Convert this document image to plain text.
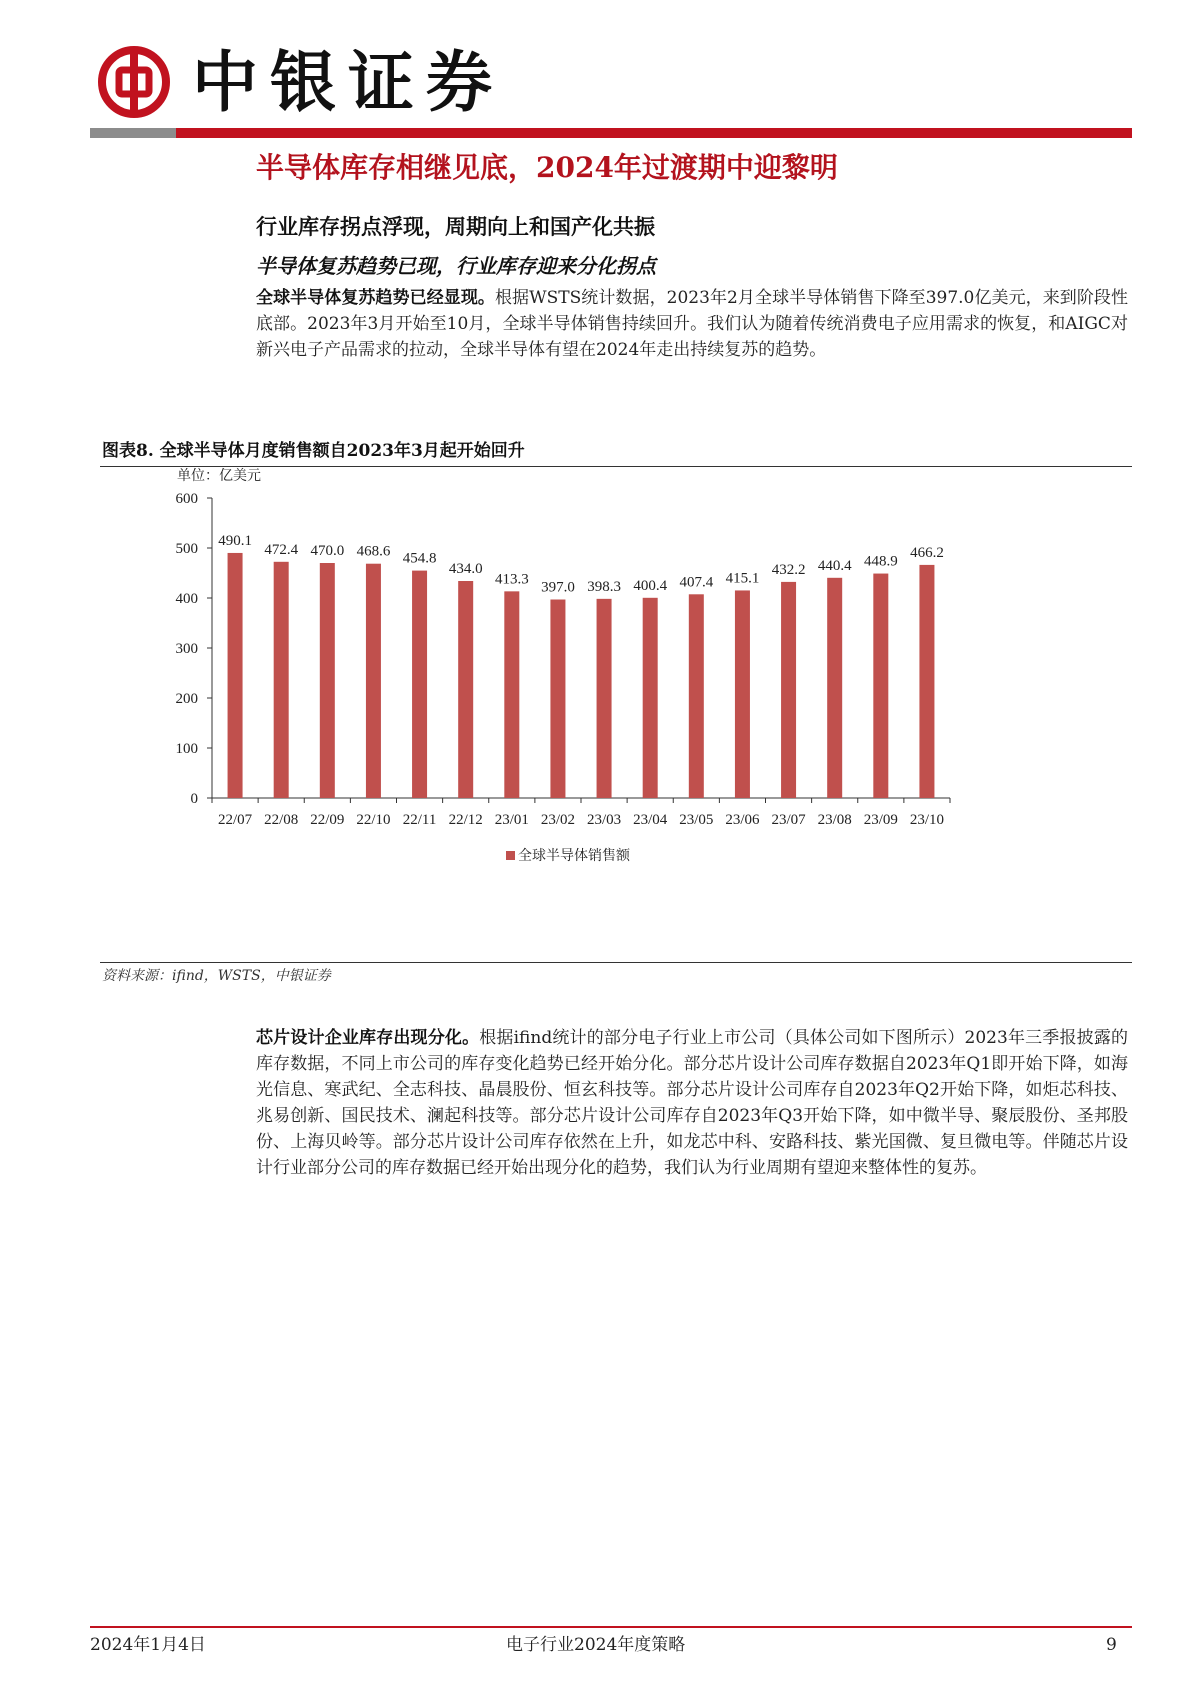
中银证券
半导体库存相继见底，2024年过渡期中迎黎明
行业库存拐点浮现，周期向上和国产化共振
半导体复苏趋势已现，行业库存迎来分化拐点
全球半导体复苏趋势已经显现。根据WSTS统计数据，2023年2月全球半导体销售下降至397.0亿美元，来到阶段性底部。2023年3月开始至10月，全球半导体销售持续回升。我们认为随着传统消费电子应用需求的恢复，和AIGC对新兴电子产品需求的拉动，全球半导体有望在2024年走出持续复苏的趋势。
图表8. 全球半导体月度销售额自2023年3月起开始回升
单位：亿美元
0
100
200
300
400
500
600
22/07 22/08 22/09 22/10 22/11 22/12 23/01 23/02 23/03 23/04 23/05 23/06 23/07 23/08 23/09 23/10
490.1
472.4 470.0 468.6 454.8
434.0
413.3
397.0 398.3 400.4 407.4 415.1
432.2 440.4 448.9
466.2
全球半导体销售额
资料来源：ifind，WSTS，中银证券
芯片设计企业库存出现分化。根据ifind统计的部分电子行业上市公司（具体公司如下图所示）2023年三季报披露的库存数据，不同上市公司的库存变化趋势已经开始分化。部分芯片设计公司库存数据自2023年Q1即开始下降，如海光信息、寒武纪、全志科技、晶晨股份、恒玄科技等。部分芯片设计公司库存自2023年Q2开始下降，如炬芯科技、兆易创新、国民技术、澜起科技等。部分芯片设计公司库存自2023年Q3开始下降，如中微半导、聚辰股份、圣邦股份、上海贝岭等。部分芯片设计公司库存依然在上升，如龙芯中科、安路科技、紫光国微、复旦微电等。伴随芯片设计行业部分公司的库存数据已经开始出现分化的趋势，我们认为行业周期有望迎来整体性的复苏。
2024年1月4日	电子行业2024年度策略	9
